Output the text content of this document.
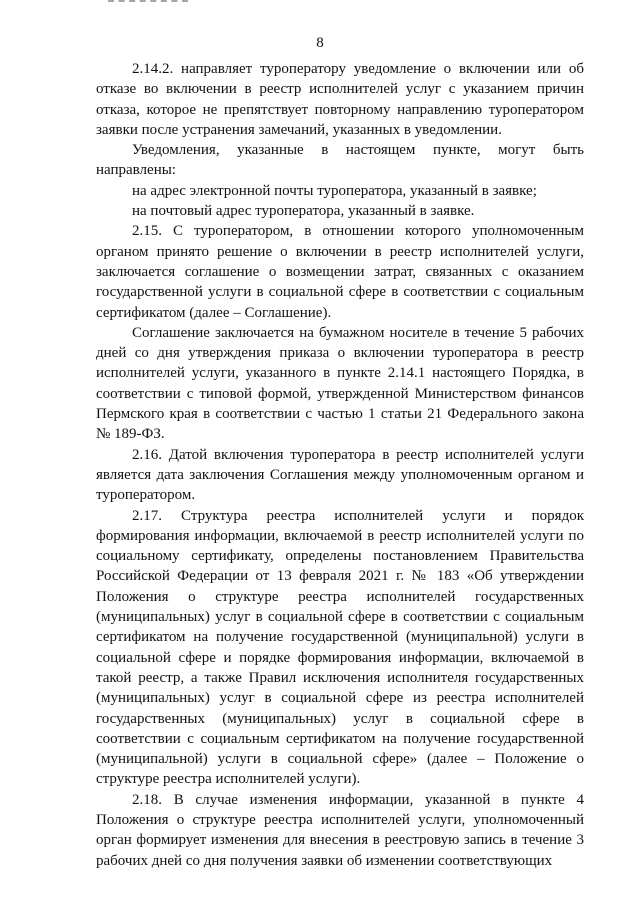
8

2.14.2. направляет туроператору уведомление о включении или об отказе во включении в реестр исполнителей услуг с указанием причин отказа, которое не препятствует повторному направлению туроператором заявки после устранения замечаний, указанных в уведомлении.

Уведомления, указанные в настоящем пункте, могут быть направлены:

на адрес электронной почты туроператора, указанный в заявке;

на почтовый адрес туроператора, указанный в заявке.

2.15. С туроператором, в отношении которого уполномоченным органом принято решение о включении в реестр исполнителей услуги, заключается соглашение о возмещении затрат, связанных с оказанием государственной услуги в социальной сфере в соответствии с социальным сертификатом (далее – Соглашение).

Соглашение заключается на бумажном носителе в течение 5 рабочих дней со дня утверждения приказа о включении туроператора в реестр исполнителей услуги, указанного в пункте 2.14.1 настоящего Порядка, в соответствии с типовой формой, утвержденной Министерством финансов Пермского края в соответствии с частью 1 статьи 21 Федерального закона № 189-ФЗ.

2.16. Датой включения туроператора в реестр исполнителей услуги является дата заключения Соглашения между уполномоченным органом и туроператором.

2.17. Структура реестра исполнителей услуги и порядок формирования информации, включаемой в реестр исполнителей услуги по социальному сертификату, определены постановлением Правительства Российской Федерации от 13 февраля 2021 г. № 183 «Об утверждении Положения о структуре реестра исполнителей государственных (муниципальных) услуг в социальной сфере в соответствии с социальным сертификатом на получение государственной (муниципальной) услуги в социальной сфере и порядке формирования информации, включаемой в такой реестр, а также Правил исключения исполнителя государственных (муниципальных) услуг в социальной сфере из реестра исполнителей государственных (муниципальных) услуг в социальной сфере в соответствии с социальным сертификатом на получение государственной (муниципальной) услуги в социальной сфере» (далее – Положение о структуре реестра исполнителей услуги).

2.18. В случае изменения информации, указанной в пункте 4 Положения о структуре реестра исполнителей услуги, уполномоченный орган формирует изменения для внесения в реестровую запись в течение 3 рабочих дней со дня получения заявки об изменении соответствующих
